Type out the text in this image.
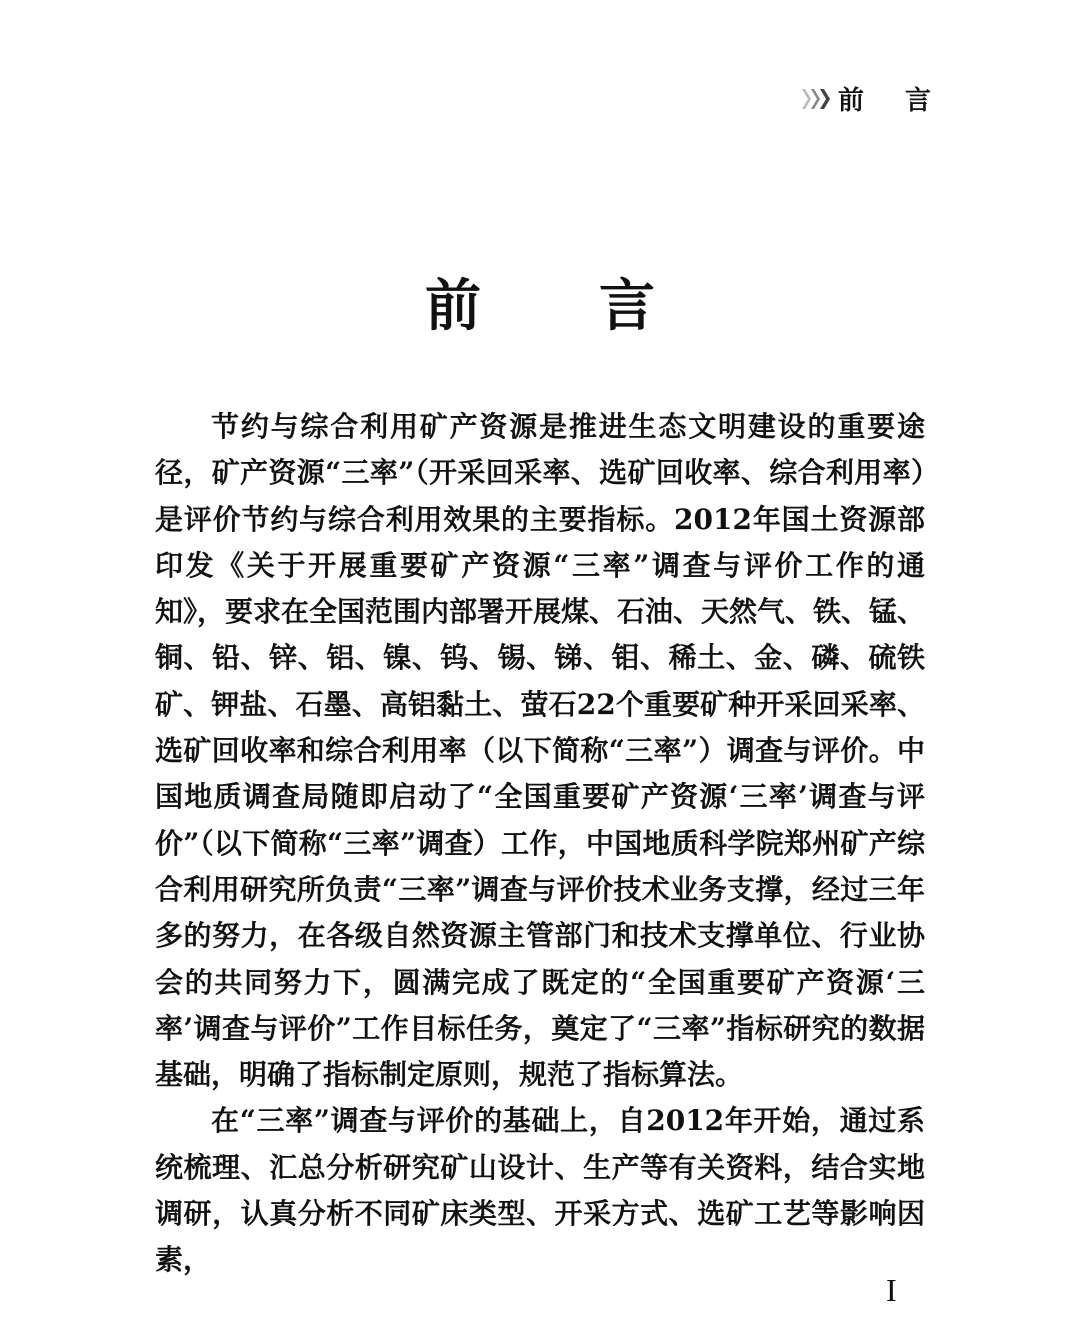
前 言
前 言

节约与综合利用矿产资源是推进生态文明建设的重要途径，矿产资源“三率”（开采回采率、选矿回收率、综合利用率）是评价节约与综合利用效果的主要指标。2012年国土资源部印发《关于开展重要矿产资源“三率”调查与评价工作的通知》，要求在全国范围内部署开展煤、石油、天然气、铁、锰、铜、铅、锌、铝、镍、钨、锡、锑、钼、稀土、金、磷、硫铁矿、钾盐、石墨、高铝黏土、萤石22个重要矿种开采回采率、选矿回收率和综合利用率（以下简称“三率”）调查与评价。中国地质调查局随即启动了“全国重要矿产资源‘三率’调查与评价”（以下简称“三率”调查）工作，中国地质科学院郑州矿产综合利用研究所负责“三率”调查与评价技术业务支撑，经过三年多的努力，在各级自然资源主管部门和技术支撑单位、行业协会的共同努力下，圆满完成了既定的“全国重要矿产资源‘三率’调查与评价”工作目标任务，奠定了“三率”指标研究的数据基础，明确了指标制定原则，规范了指标算法。

在“三率”调查与评价的基础上，自2012年开始，通过系统梳理、汇总分析研究矿山设计、生产等有关资料，结合实地调研，认真分析不同矿床类型、开采方式、选矿工艺等影响因素，

I
